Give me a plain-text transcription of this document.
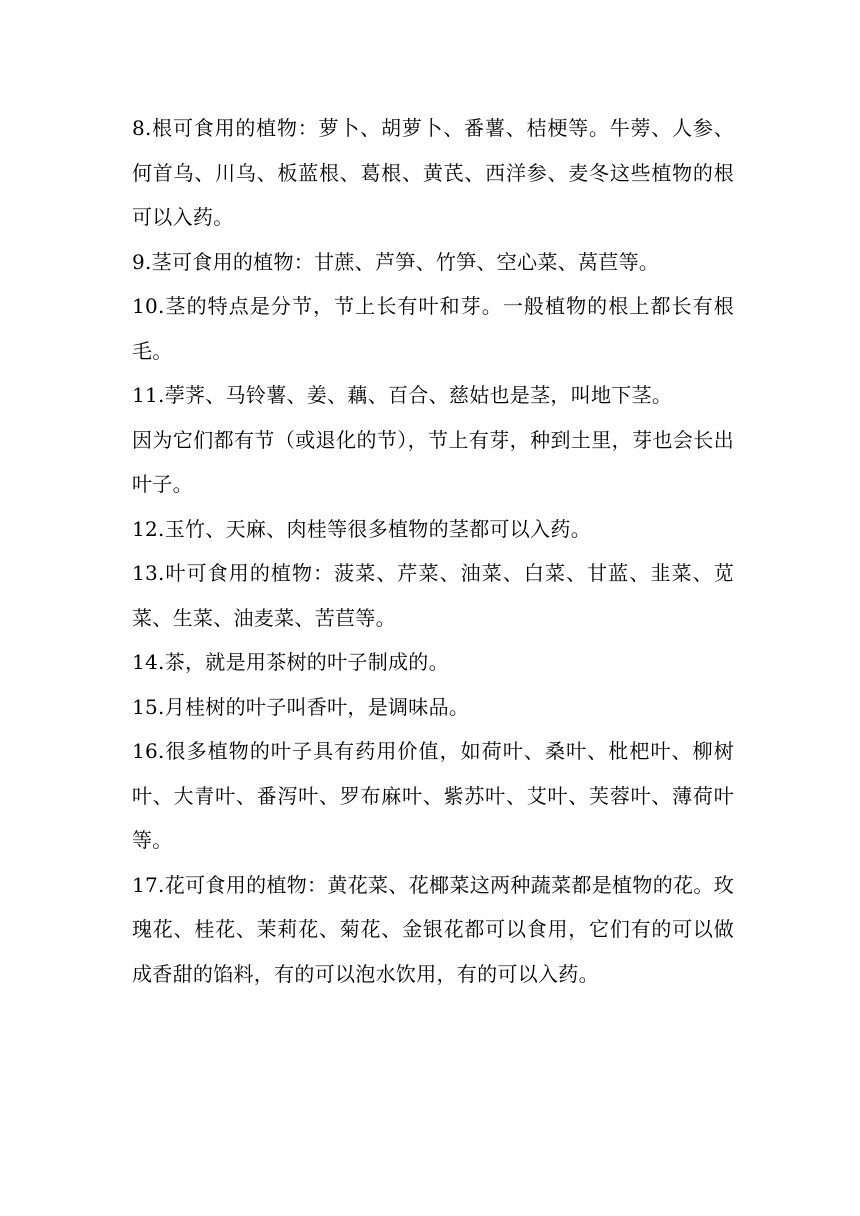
8.根可食用的植物：萝卜、胡萝卜、番薯、桔梗等。牛蒡、人参、何首乌、川乌、板蓝根、葛根、黄芪、西洋参、麦冬这些植物的根可以入药。

9.茎可食用的植物：甘蔗、芦笋、竹笋、空心菜、莴苣等。

10.茎的特点是分节，节上长有叶和芽。一般植物的根上都长有根毛。

11.荸荠、马铃薯、姜、藕、百合、慈姑也是茎，叫地下茎。

因为它们都有节（或退化的节），节上有芽，种到土里，芽也会长出叶子。

12.玉竹、天麻、肉桂等很多植物的茎都可以入药。

13.叶可食用的植物：菠菜、芹菜、油菜、白菜、甘蓝、韭菜、苋菜、生菜、油麦菜、苦苣等。

14.茶，就是用茶树的叶子制成的。

15.月桂树的叶子叫香叶，是调味品。

16.很多植物的叶子具有药用价值，如荷叶、桑叶、枇杷叶、柳树叶、大青叶、番泻叶、罗布麻叶、紫苏叶、艾叶、芙蓉叶、薄荷叶等。

17.花可食用的植物：黄花菜、花椰菜这两种蔬菜都是植物的花。玫瑰花、桂花、茉莉花、菊花、金银花都可以食用，它们有的可以做成香甜的馅料，有的可以泡水饮用，有的可以入药。
